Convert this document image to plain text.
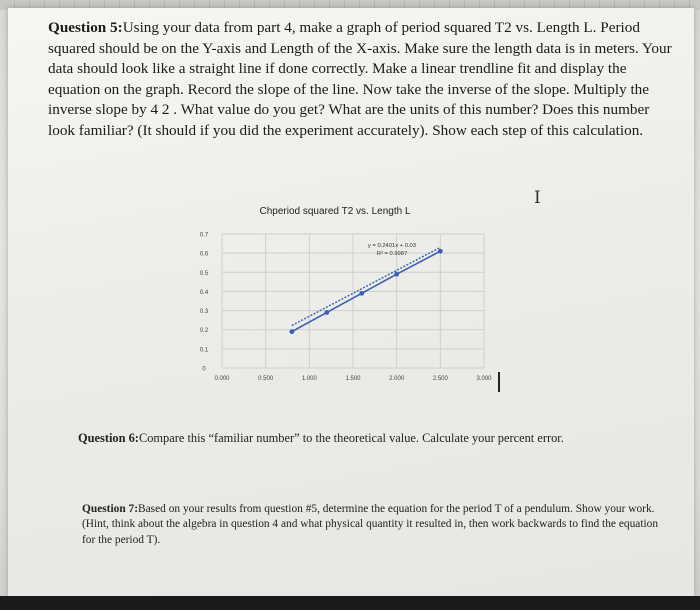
Question 5:Using your data from part 4, make a graph of period squared T2 vs. Length L. Period squared should be on the Y-axis and Length of the X-axis. Make sure the length data is in meters. Your data should look like a straight line if done correctly. Make a linear trendline fit and display the equation on the graph. Record the slope of the line. Now take the inverse of the slope. Multiply the inverse slope by 4 2 . What value do you get? What are the units of this number? Does this number look familiar? (It should if you did the experiment accurately). Show each step of this calculation.
I
Chperiod squared T2 vs. Length L
0
0.1
0.2
0.3
0.4
0.5
0.6
0.7
0.000	0.500	1.000	1.500	2.000	2.500	3.000
y = 0.2401x + 0.03
R² = 0.9987
Question 6:Compare this “familiar number” to the theoretical value. Calculate your percent error.
Question 7:Based on your results from question #5, determine the equation for the period T of a pendulum. Show your work. (Hint, think about the algebra in question 4 and what physical quantity it resulted in, then work backwards to find the equation for the period T).
